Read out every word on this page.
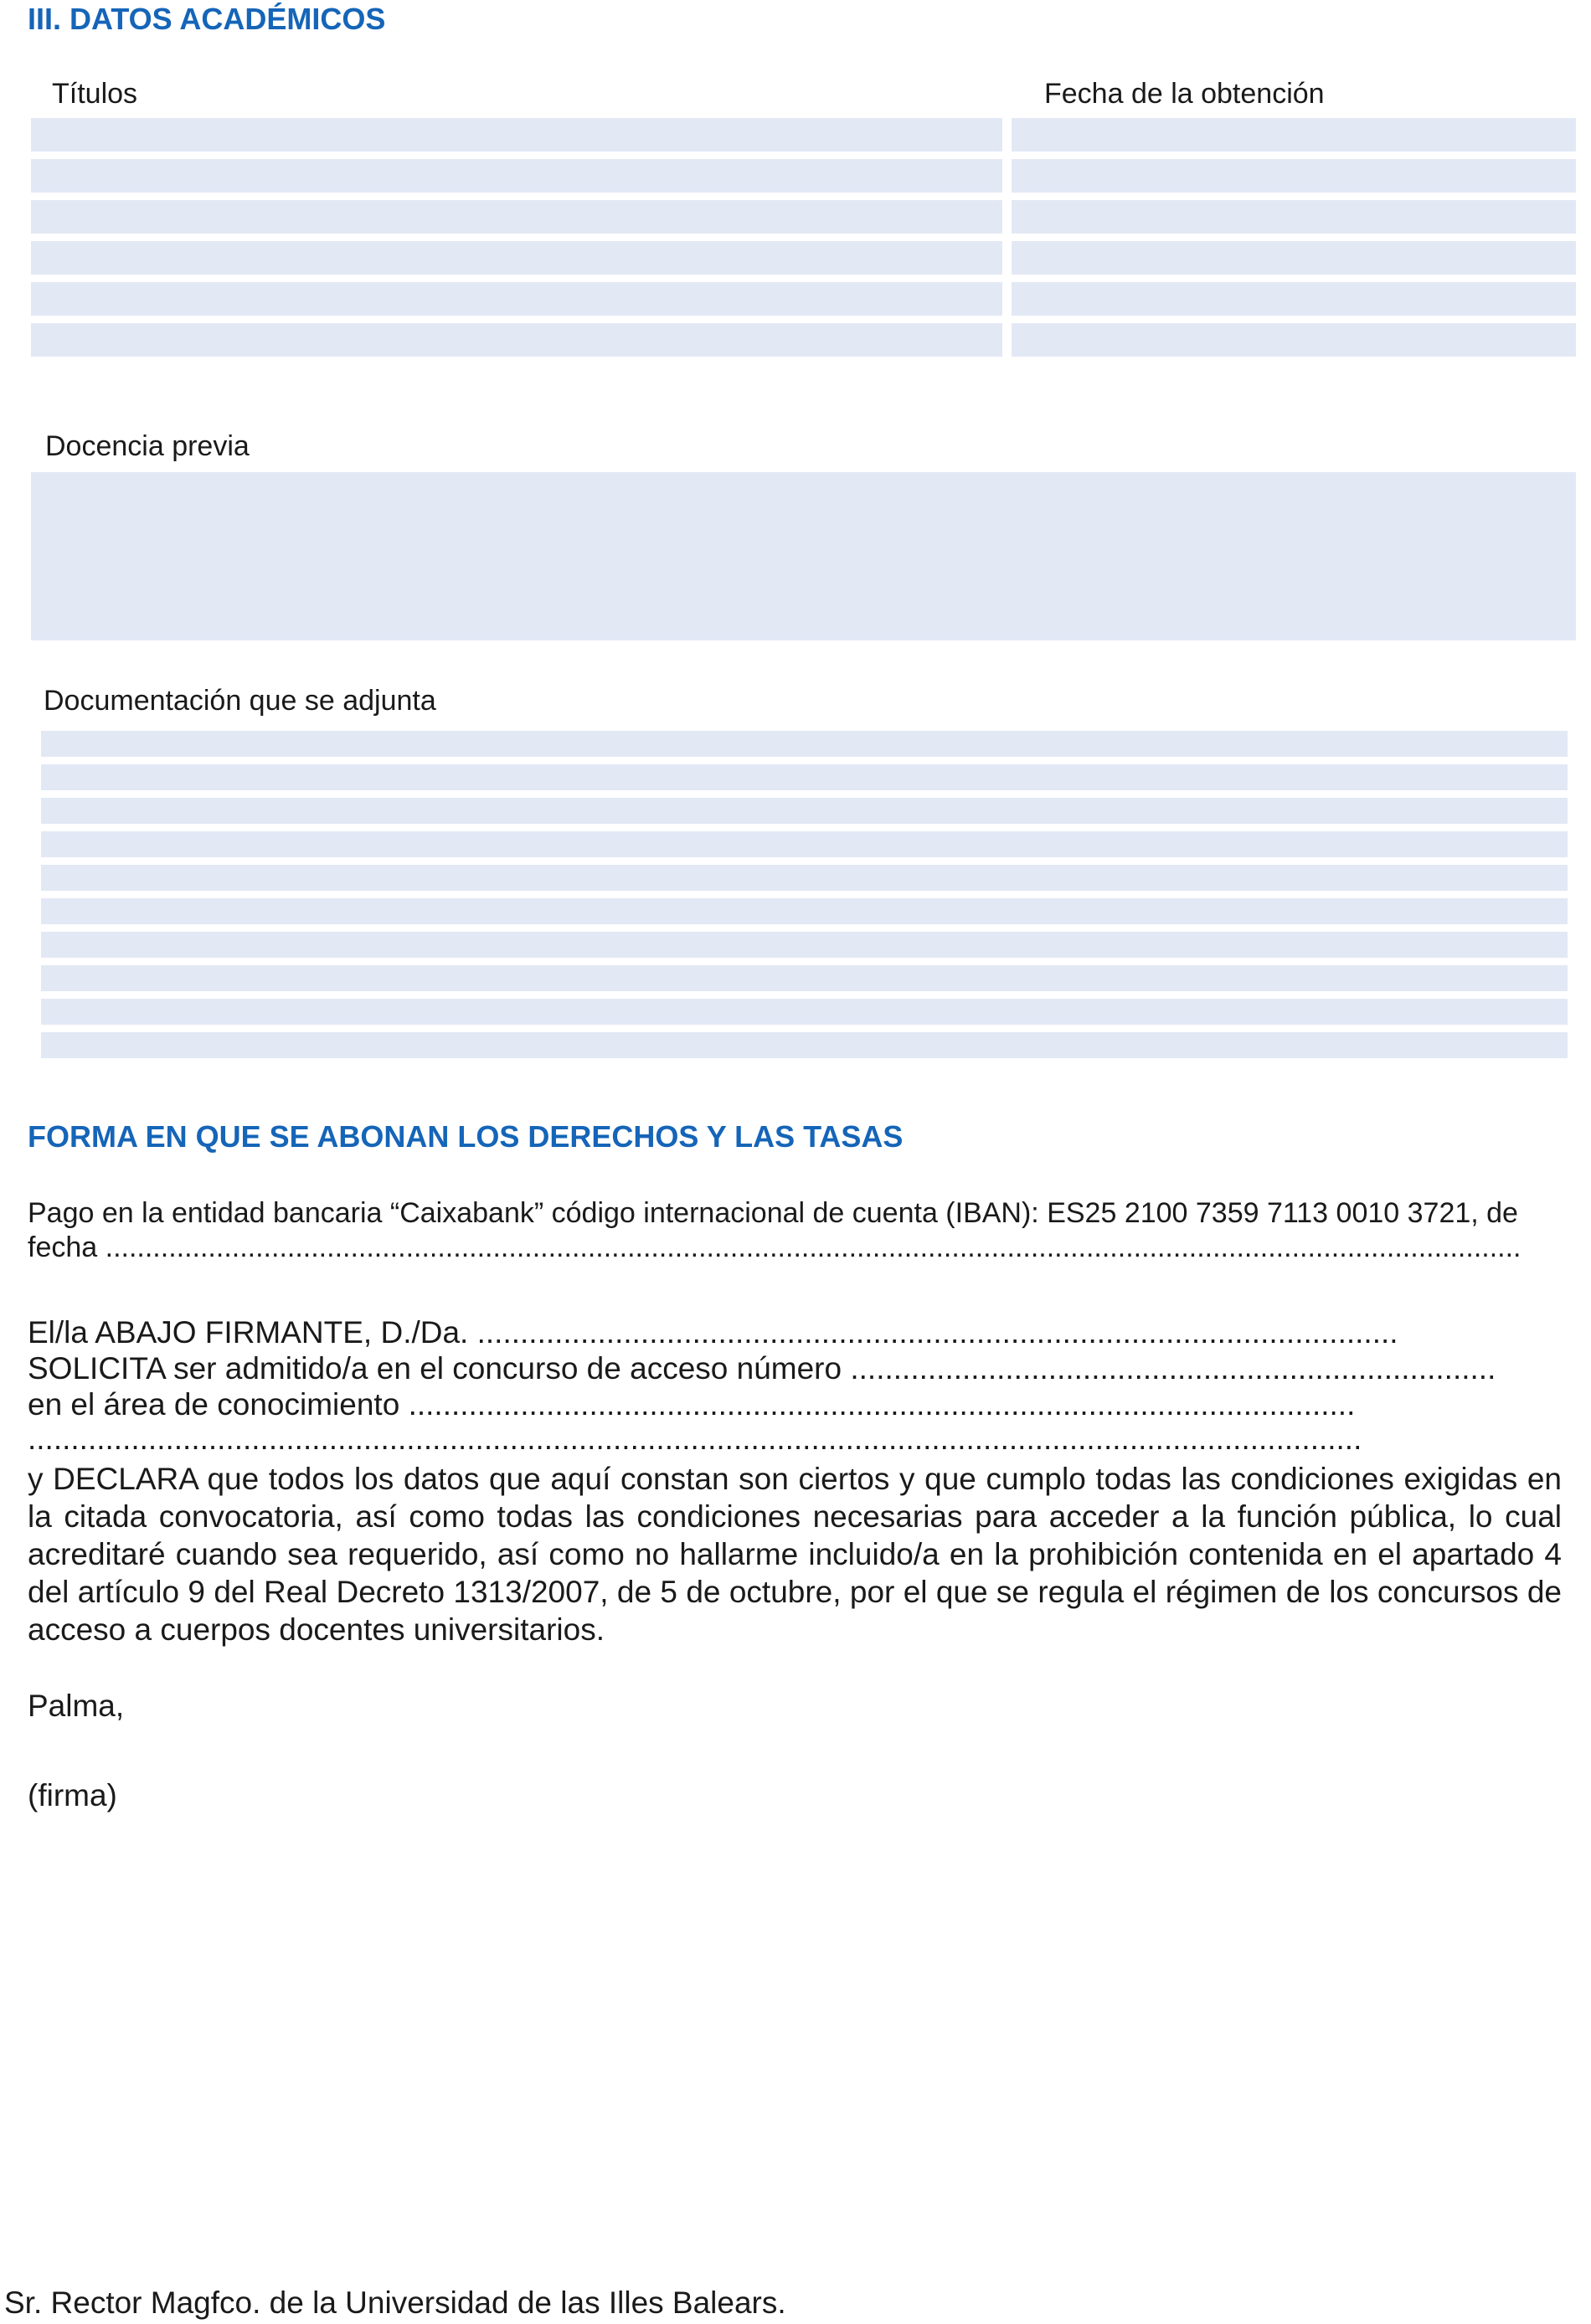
III. DATOS ACADÉMICOS
Títulos	Fecha de la obtención
Docencia previa
Documentación que se adjunta
FORMA EN QUE SE ABONAN LOS DERECHOS Y LAS TASAS
Pago en la entidad bancaria “Caixabank” código internacional de cuenta (IBAN): ES25 2100 7359 7113 0010 3721, de
fecha ...................................................................................................................................................................................
El/la ABAJO FIRMANTE, D./Da. ...........................................................................................................
SOLICITA ser admitido/a en el concurso de acceso número ...........................................................................
en el área de conocimiento ..............................................................................................................
...........................................................................................................................................................
y DECLARA que todos los datos que aquí constan son ciertos y que cumplo todas las condiciones exigidas en la citada convocatoria, así como todas las condiciones necesarias para acceder a la función pública, lo cual acreditaré cuando sea requerido, así como no hallarme incluido/a en la prohibición contenida en el apartado 4 del artículo 9 del Real Decreto 1313/2007, de 5 de octubre, por el que se regula el régimen de los concursos de acceso a cuerpos docentes universitarios.
Palma,
(firma)
Sr. Rector Magfco. de la Universidad de las Illes Balears.
